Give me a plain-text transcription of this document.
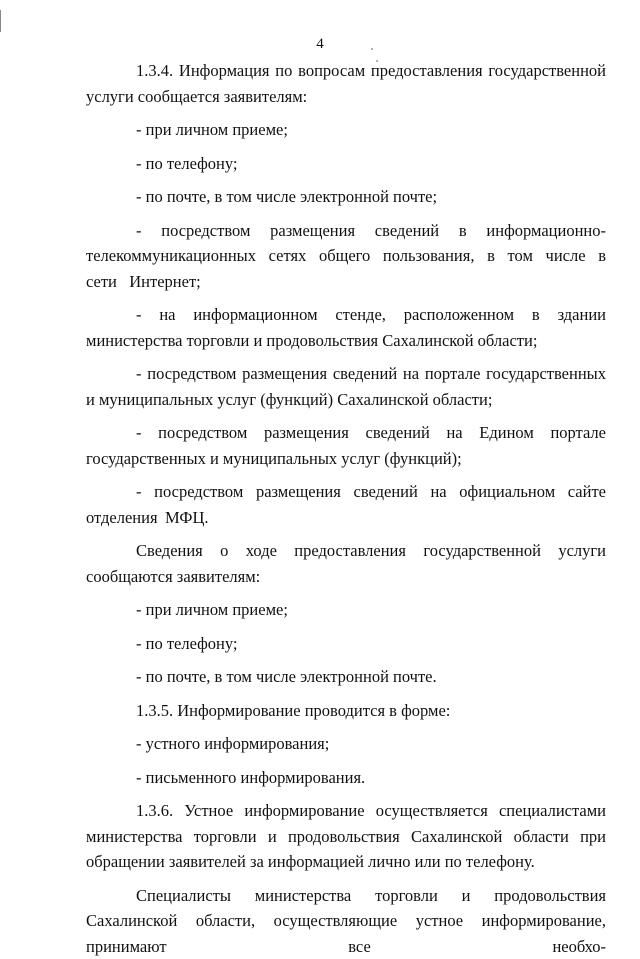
4

1.3.4. Информация по вопросам предоставления государственной услуги сообщается заявителям:

- при личном приеме;

- по телефону;

- по почте, в том числе электронной почте;

- посредством размещения сведений в информационно-телекоммуникационных сетях общего пользования, в том числе в сети Интернет;

- на информационном стенде, расположенном в здании министерства торговли и продовольствия Сахалинской области;

- посредством размещения сведений на портале государственных и муниципальных услуг (функций) Сахалинской области;

- посредством размещения сведений на Едином портале государственных и муниципальных услуг (функций);

- посредством размещения сведений на официальном сайте отделения МФЦ.

Сведения о ходе предоставления государственной услуги сообщаются заявителям:

- при личном приеме;

- по телефону;

- по почте, в том числе электронной почте.

1.3.5. Информирование проводится в форме:

- устного информирования;

- письменного информирования.

1.3.6. Устное информирование осуществляется специалистами министерства торговли и продовольствия Сахалинской области при обращении заявителей за информацией лично или по телефону.

Специалисты министерства торговли и продовольствия Сахалинской области, осуществляющие устное информирование, принимают все необхо-
